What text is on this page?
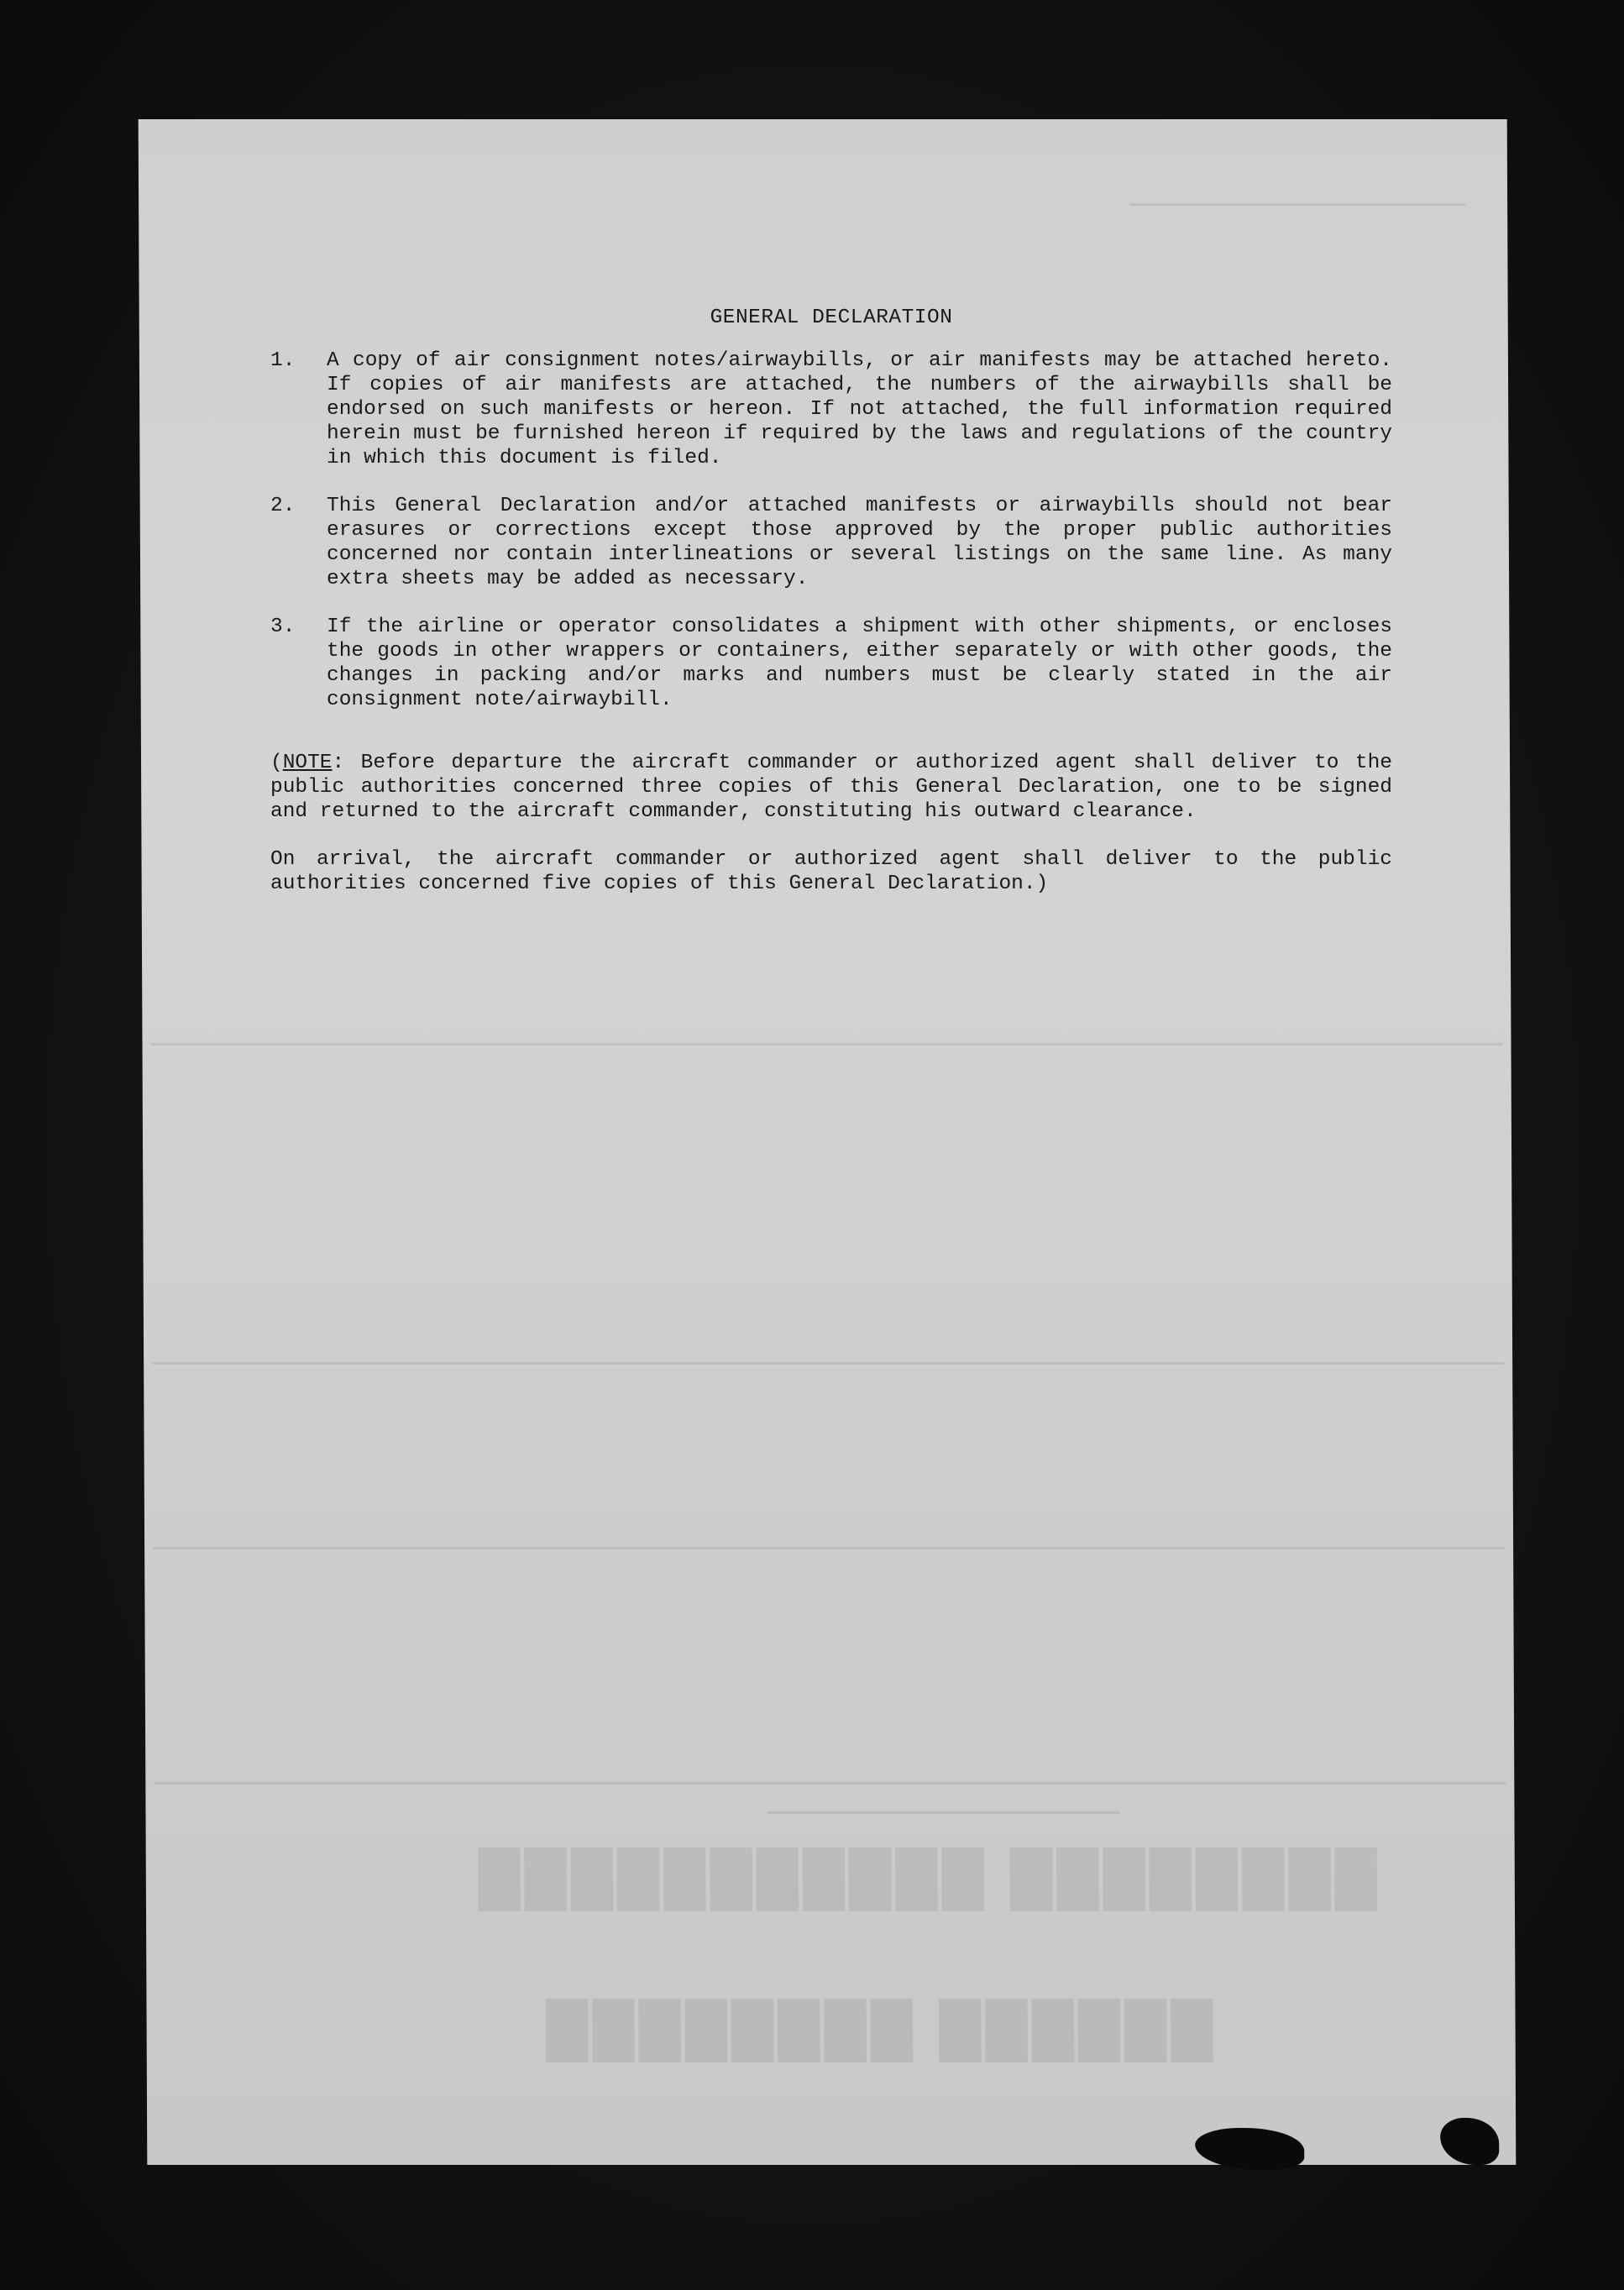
████████ ███████████
██████ ████████
GENERAL DECLARATION
1.	A copy of air consignment notes/airwaybills, or air manifests may be attached hereto. If copies of air manifests are attached, the numbers of the airwaybills shall be endorsed on such manifests or hereon. If not attached, the full information required herein must be furnished hereon if required by the laws and regulations of the country in which this document is filed.
2.	This General Declaration and/or attached manifests or airwaybills should not bear erasures or corrections except those approved by the proper public authorities concerned nor contain interlineations or several listings on the same line. As many extra sheets may be added as necessary.
3.	If the airline or operator consolidates a shipment with other shipments, or encloses the goods in other wrappers or containers, either separately or with other goods, the changes in packing and/or marks and numbers must be clearly stated in the air consignment note/airwaybill.
(NOTE: Before departure the aircraft commander or authorized agent shall deliver to the public authorities concerned three copies of this General Declaration, one to be signed and returned to the aircraft commander, constituting his outward clearance.
On arrival, the aircraft commander or authorized agent shall deliver to the public authorities concerned five copies of this General Declaration.)
